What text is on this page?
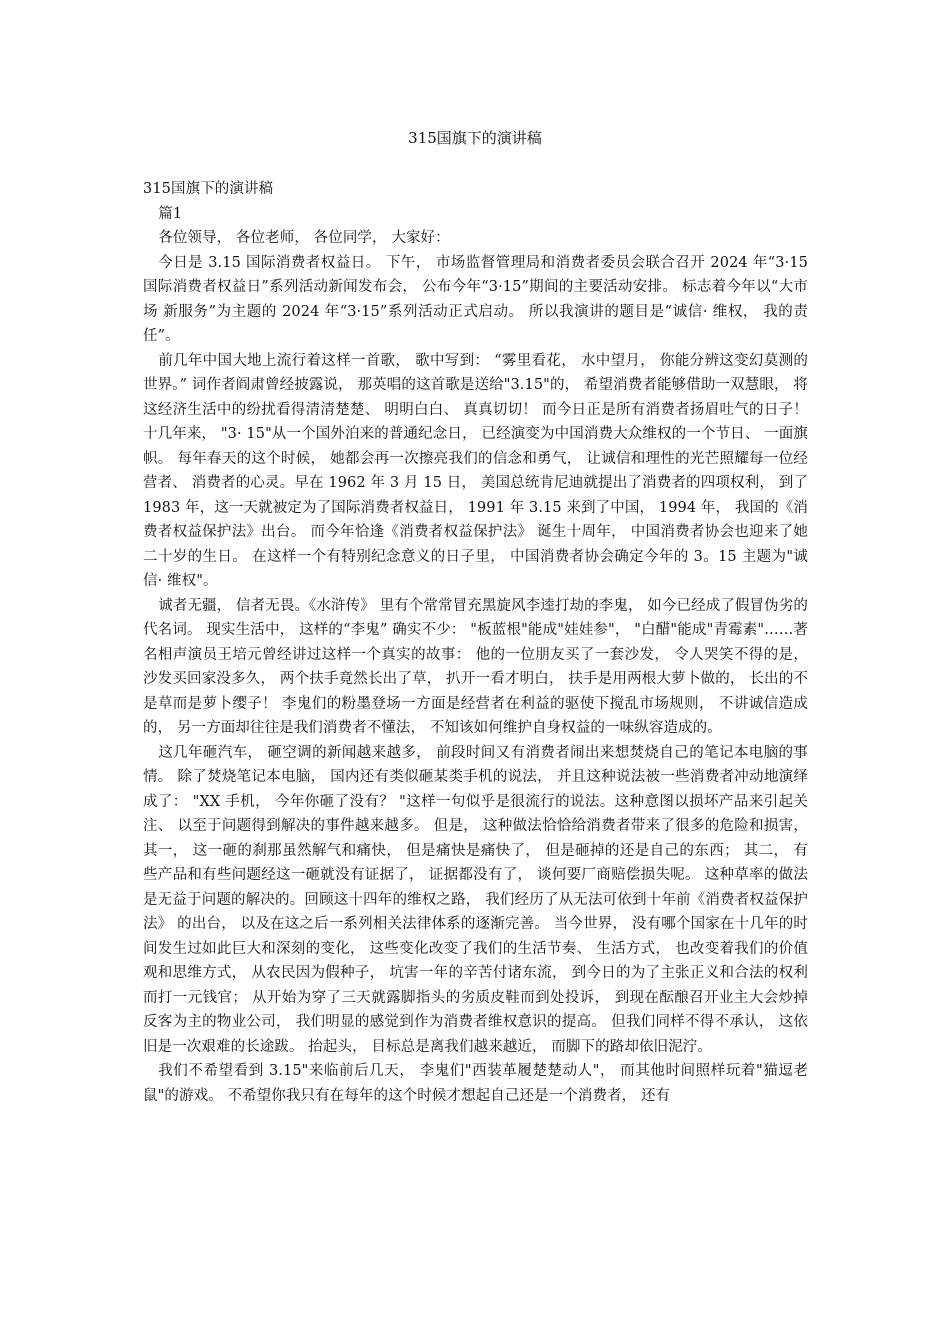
315国旗下的演讲稿

315国旗下的演讲稿

篇1

各位领导， 各位老师， 各位同学， 大家好：

今日是 3.15 国际消费者权益日。 下午， 市场监督管理局和消费者委员会联合召开 2024 年“3·15 国际消费者权益日”系列活动新闻发布会， 公布今年“3·15”期间的主要活动安排。 标志着今年以“大市场 新服务”为主题的 2024 年“3·15”系列活动正式启动。 所以我演讲的题目是“诚信· 维权， 我的责任”。

前几年中国大地上流行着这样一首歌， 歌中写到： “雾里看花， 水中望月， 你能分辨这变幻莫测的世界。” 词作者阎肃曾经披露说， 那英唱的这首歌是送给"3.15"的， 希望消费者能够借助一双慧眼， 将这经济生活中的纷扰看得清清楚楚、 明明白白、 真真切切！ 而今日正是所有消费者扬眉吐气的日子！ 十几年来， "3· 15"从一个国外泊来的普通纪念日， 已经演变为中国消费大众维权的一个节日、 一面旗帜。 每年春天的这个时候， 她都会再一次擦亮我们的信念和勇气， 让诚信和理性的光芒照耀每一位经营者、 消费者的心灵。早在 1962 年 3 月 15 日， 美国总统肯尼迪就提出了消费者的四项权利， 到了 1983 年，这一天就被定为了国际消费者权益日， 1991 年 3.15 来到了中国， 1994 年， 我国的《消费者权益保护法》出台。 而今年恰逢《消费者权益保护法》 诞生十周年， 中国消费者协会也迎来了她二十岁的生日。 在这样一个有特别纪念意义的日子里， 中国消费者协会确定今年的 3。15 主题为"诚信· 维权"。

诚者无疆， 信者无畏。《水浒传》 里有个常常冒充黑旋风李逵打劫的李鬼， 如今已经成了假冒伪劣的代名词。 现实生活中， 这样的“李鬼” 确实不少： "板蓝根"能成"娃娃参"， "白醋"能成"青霉素"……著名相声演员王培元曾经讲过这样一个真实的故事： 他的一位朋友买了一套沙发， 令人哭笑不得的是， 沙发买回家没多久， 两个扶手竟然长出了草， 扒开一看才明白， 扶手是用两根大萝卜做的， 长出的不是草而是萝卜缨子！ 李鬼们的粉墨登场一方面是经营者在利益的驱使下搅乱市场规则， 不讲诚信造成的， 另一方面却往往是我们消费者不懂法， 不知该如何维护自身权益的一味纵容造成的。

这几年砸汽车， 砸空调的新闻越来越多， 前段时间又有消费者闹出来想焚烧自己的笔记本电脑的事情。 除了焚烧笔记本电脑， 国内还有类似砸某类手机的说法， 并且这种说法被一些消费者冲动地演绎成了： "XX 手机， 今年你砸了没有？ "这样一句似乎是很流行的说法。这种意图以损坏产品来引起关注、 以至于问题得到解决的事件越来越多。 但是， 这种做法恰恰给消费者带来了很多的危险和损害， 其一， 这一砸的刹那虽然解气和痛快， 但是痛快是痛快了， 但是砸掉的还是自己的东西； 其二， 有些产品和有些问题经这一砸就没有证据了， 证据都没有了， 谈何要厂商赔偿损失呢。 这种草率的做法是无益于问题的解决的。回顾这十四年的维权之路， 我们经历了从无法可依到十年前《消费者权益保护法》 的出台， 以及在这之后一系列相关法律体系的逐渐完善。 当今世界， 没有哪个国家在十几年的时间发生过如此巨大和深刻的变化， 这些变化改变了我们的生活节奏、 生活方式， 也改变着我们的价值观和思维方式， 从农民因为假种子， 坑害一年的辛苦付诸东流， 到今日的为了主张正义和合法的权利而打一元钱官； 从开始为穿了三天就露脚指头的劣质皮鞋而到处投诉， 到现在酝酿召开业主大会炒掉反客为主的物业公司， 我们明显的感觉到作为消费者维权意识的提高。 但我们同样不得不承认， 这依旧是一次艰难的长途跋。 抬起头， 目标总是离我们越来越近， 而脚下的路却依旧泥泞。

我们不希望看到 3.15"来临前后几天， 李鬼们"西装革履楚楚动人"， 而其他时间照样玩着"猫逗老鼠"的游戏。 不希望你我只有在每年的这个时候才想起自己还是一个消费者， 还有
